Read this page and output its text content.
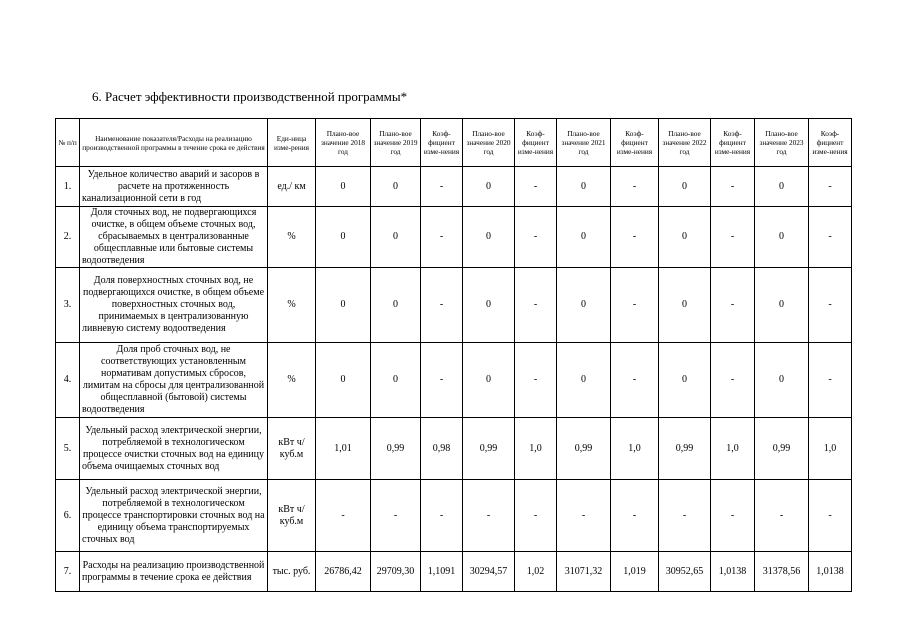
6. Расчет эффективности производственной программы*
№ п/п	Наименование показателя/Расходы на реализацию производственной программы в течение срока ее действия	Еди-ница изме-рения	Плано-вое значение 2018 год	Плано-вое значение 2019 год	Коэф-фициент изме-нения	Плано-вое значение 2020 год	Коэф-фициент изме-нения	Плано-вое значение 2021 год	Коэф-фициент изме-нения	Плано-вое значение 2022 год	Коэф-фициент изме-нения	Плано-вое значение 2023 год	Коэф-фициент изме-нения
1.	Удельное количество аварий и засоров в расчете на протяженность канализационной сети в год	ед./ км	0	0	-	0	-	0	-	0	-	0	-
2.	Доля сточных вод, не подвергающихся очистке, в общем объеме сточных вод, сбрасываемых в централизованные общесплавные или бытовые системы водоотведения	%	0	0	-	0	-	0	-	0	-	0	-
3.	Доля поверхностных сточных вод, не подвергающихся очистке, в общем объеме поверхностных сточных вод, принимаемых в централизованную ливневую систему водоотведения	%	0	0	-	0	-	0	-	0	-	0	-
4.	Доля проб сточных вод, не соответствующих установленным нормативам допустимых сбросов, лимитам на сбросы для централизованной общесплавной (бытовой) системы водоотведения	%	0	0	-	0	-	0	-	0	-	0	-
5.	Удельный расход электрической энергии, потребляемой в технологическом процессе очистки сточных вод на единицу объема очищаемых сточных вод	кВт ч/куб.м	1,01	0,99	0,98	0,99	1,0	0,99	1,0	0,99	1,0	0,99	1,0
6.	Удельный расход электрической энергии, потребляемой в технологическом процессе транспортировки сточных вод на единицу объема транспортируемых сточных вод	кВт ч/куб.м	-	-	-	-	-	-	-	-	-	-	-
7.	Расходы на реализацию производственной программы в течение срока ее действия	тыс. руб.	26786,42	29709,30	1,1091	30294,57	1,02	31071,32	1,019	30952,65	1,0138	31378,56	1,0138
